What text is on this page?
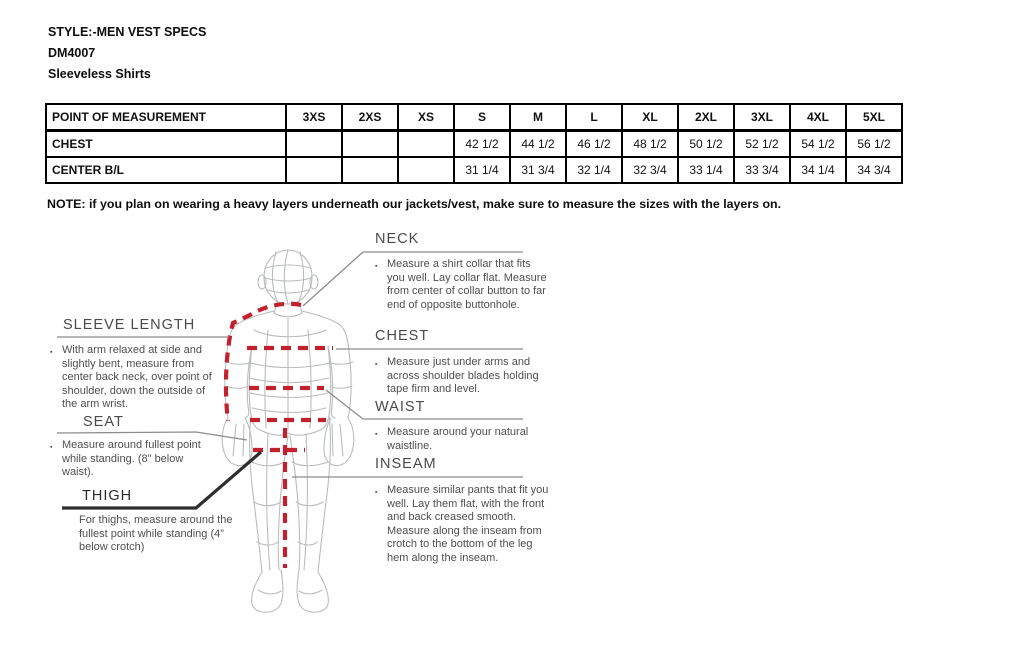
STYLE:-MEN VEST SPECS
DM4007
Sleeveless Shirts
POINT OF MEASUREMENT	3XS	2XS	XS	S	M	L	XL	2XL	3XL	4XL	5XL
CHEST				42 1/2	44 1/2	46 1/2	48 1/2	50 1/2	52 1/2	54 1/2	56 1/2
CENTER B/L				31 1/4	31 3/4	32 1/4	32 3/4	33 1/4	33 3/4	34 1/4	34 3/4
NOTE: if you plan on wearing a heavy layers underneath our jackets/vest, make sure to measure the sizes with the layers on.
NECK
▪ Measure a shirt collar that fits you well. Lay collar flat. Measure from center of collar button to far end of opposite buttonhole.
CHEST
▪ Measure just under arms and across shoulder blades holding tape firm and level.
WAIST
▪ Measure around your natural waistline.
INSEAM
▪ Measure similar pants that fit you well. Lay them flat, with the front and back creased smooth. Measure along the inseam from crotch to the bottom of the leg hem along the inseam.
SLEEVE LENGTH
▪ With arm relaxed at side and slightly bent, measure from center back neck, over point of shoulder, down the outside of the arm wrist.
SEAT
▪ Measure around fullest point while standing. (8" below waist).
THIGH
For thighs, measure around the fullest point while standing (4” below crotch)
